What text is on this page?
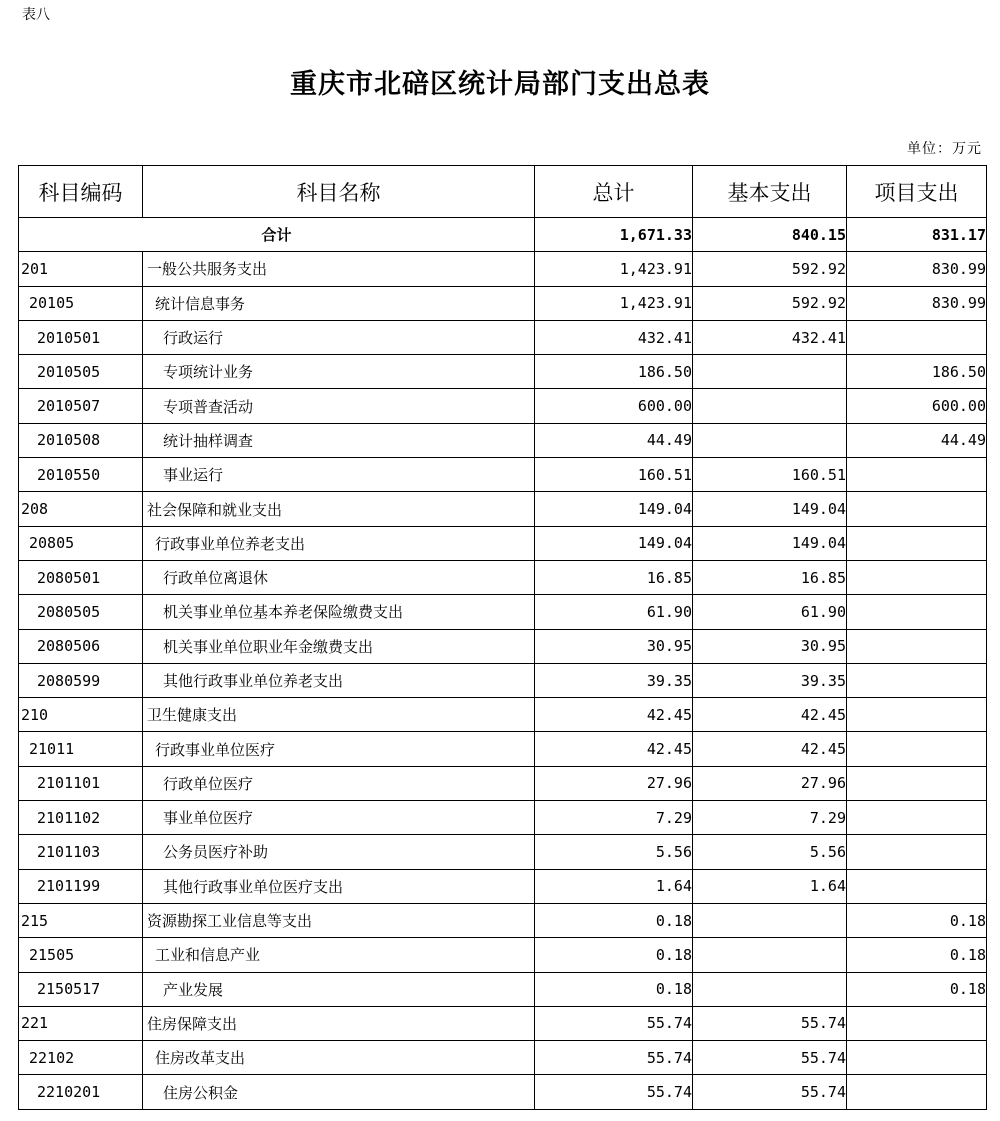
表八
重庆市北碚区统计局部门支出总表
单位：万元
科目编码	科目名称	总计	基本支出	项目支出
合计		1,671.33	840.15	831.17
201	一般公共服务支出	1,423.91	592.92	830.99
20105	统计信息事务	1,423.91	592.92	830.99
2010501	行政运行	432.41	432.41	
2010505	专项统计业务	186.50		186.50
2010507	专项普查活动	600.00		600.00
2010508	统计抽样调查	44.49		44.49
2010550	事业运行	160.51	160.51	
208	社会保障和就业支出	149.04	149.04	
20805	行政事业单位养老支出	149.04	149.04	
2080501	行政单位离退休	16.85	16.85	
2080505	机关事业单位基本养老保险缴费支出	61.90	61.90	
2080506	机关事业单位职业年金缴费支出	30.95	30.95	
2080599	其他行政事业单位养老支出	39.35	39.35	
210	卫生健康支出	42.45	42.45	
21011	行政事业单位医疗	42.45	42.45	
2101101	行政单位医疗	27.96	27.96	
2101102	事业单位医疗	7.29	7.29	
2101103	公务员医疗补助	5.56	5.56	
2101199	其他行政事业单位医疗支出	1.64	1.64	
215	资源勘探工业信息等支出	0.18		0.18
21505	工业和信息产业	0.18		0.18
2150517	产业发展	0.18		0.18
221	住房保障支出	55.74	55.74	
22102	住房改革支出	55.74	55.74	
2210201	住房公积金	55.74	55.74	
